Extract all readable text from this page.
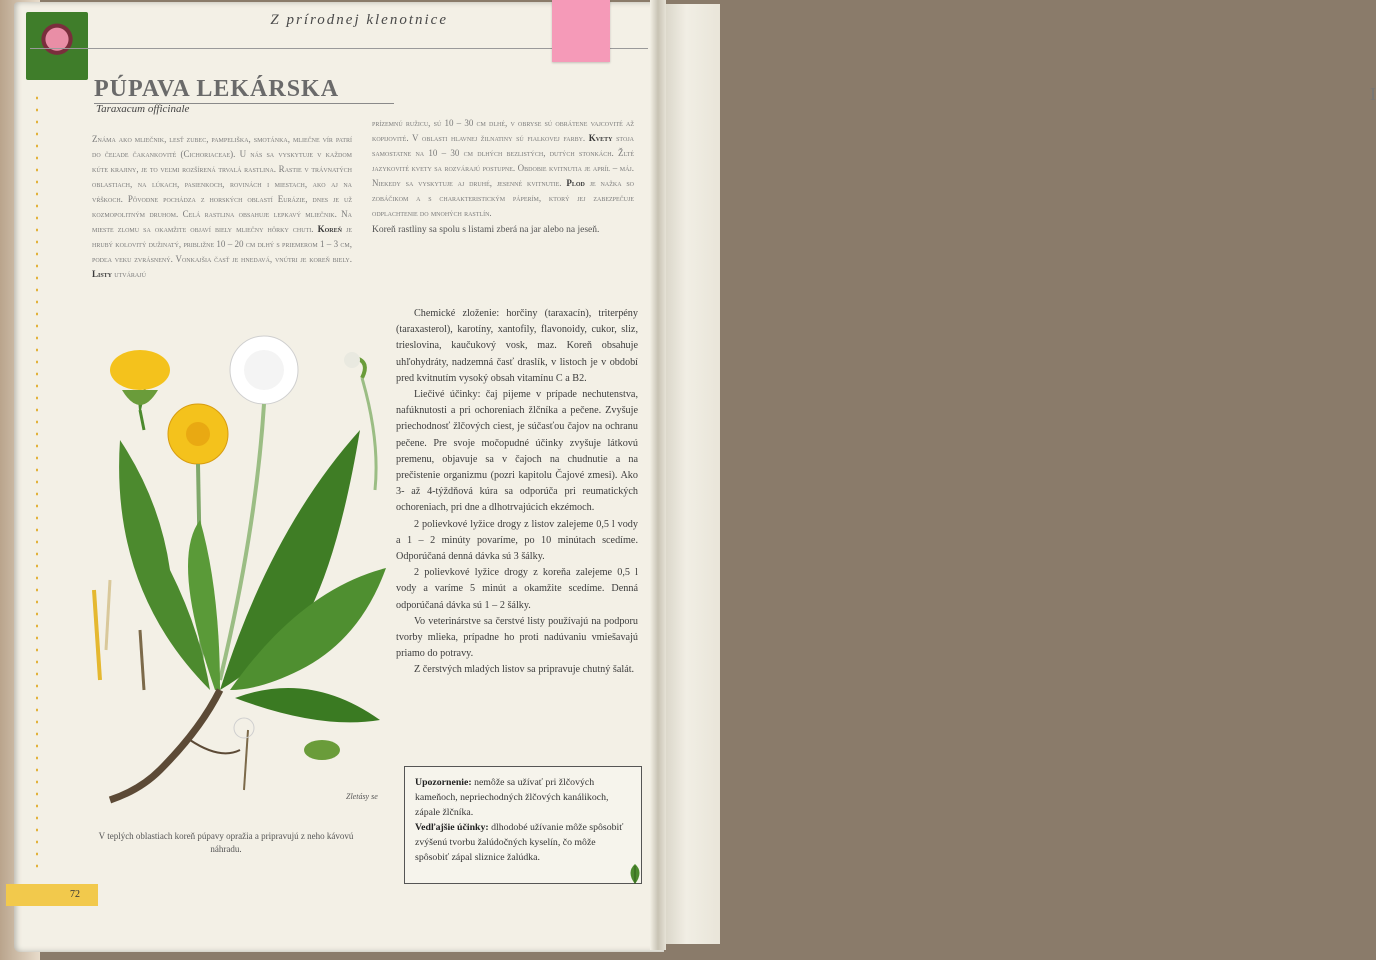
I
Z prírodnej klenotnice
PÚPAVA LEKÁRSKA
Taraxacum officinale
Známa ako mliečnik, lesť zubec, pampeliška, smotánka, mliečne vír patrí do čeľade čakankovité (Cichoriaceae). U nás sa vyskytuje v každom kúte krajiny, je to veľmi rozšírená trvalá rastlina. Rastie v trávnatých oblastiach, na lúkach, pasienkoch, rovinách i miestach, ako aj na vŕškoch. Pôvodne pochádza z horských oblastí Eurázie, dnes je už kozmopolitným druhom. Celá rastlina obsahuje lepkavý mliečnik. Na mieste zlomu sa okamžite objaví biely mliečny hôrky chuti. Koreň je hrubý kolovitý dužinatý, približne 10 – 20 cm dlhý s priemerom 1 – 3 cm, podľa veku zvrásnený. Vonkajšia časť je hnedavá, vnútri je koreň biely. Listy utvárajú
prízemnú ružicu, sú 10 – 30 cm dlhé, v obryse sú obrátene vajcovité až kopijovité. V oblasti hlavnej žilnatiny sú fialkovej farby. Kvety stoja samostatne na 10 – 30 cm dlhých bezlistých, dutých stonkách. Žlté jazykovité kvety sa rozvárajú postupne. Obdobie kvitnutia je apríl – máj. Niekedy sa vyskytuje aj druhé, jesenné kvitnutie. Plod je nažka so zobáčikom a s charakteristickým páperím, ktorý jej zabezpečuje odplachtenie do mnohých rastlín.
Koreň rastliny sa spolu s listami zberá na jar alebo na jeseň.
Zletásy se
V teplých oblastiach koreň púpavy opražia a pripravujú z neho kávovú náhradu.

Chemické zloženie: horčiny (taraxacín), triterpény (taraxasterol), karotíny, xantofily, flavonoidy, cukor, sliz, trieslovina, kaučukový vosk, maz. Koreň obsahuje uhľohydráty, nadzemná časť draslík, v listoch je v období pred kvitnutím vysoký obsah vitamínu C a B2.

Liečivé účinky: čaj pijeme v prípade nechutenstva, nafúknutosti a pri ochoreniach žlčníka a pečene. Zvyšuje priechodnosť žlčových ciest, je súčasťou čajov na ochranu pečene. Pre svoje močopudné účinky zvyšuje látkovú premenu, objavuje sa v čajoch na chudnutie a na prečistenie organizmu (pozri kapitolu Čajové zmesi). Ako 3- až 4-týždňová kúra sa odporúča pri reumatických ochoreniach, pri dne a dlhotrvajúcich ekzémoch.

2 polievkové lyžice drogy z listov zalejeme 0,5 l vody a 1 – 2 minúty povaríme, po 10 minútach scedíme. Odporúčaná denná dávka sú 3 šálky.

2 polievkové lyžice drogy z koreňa zalejeme 0,5 l vody a varíme 5 minút a okamžite scedíme. Denná odporúčaná dávka sú 1 – 2 šálky.

Vo veterinárstve sa čerstvé listy používajú na podporu tvorby mlieka, prípadne ho proti nadúvaniu vmiešavajú priamo do potravy.

Z čerstvých mladých listov sa pripravuje chutný šalát.

Upozornenie: nemôže sa užívať pri žlčových kameňoch, nepriechodných žlčových kanálikoch, zápale žlčníka.
Vedľajšie účinky: dlhodobé užívanie môže spôsobiť zvýšenú tvorbu žalúdočných kyselín, čo môže spôsobiť zápal sliznice žalúdka.
72
